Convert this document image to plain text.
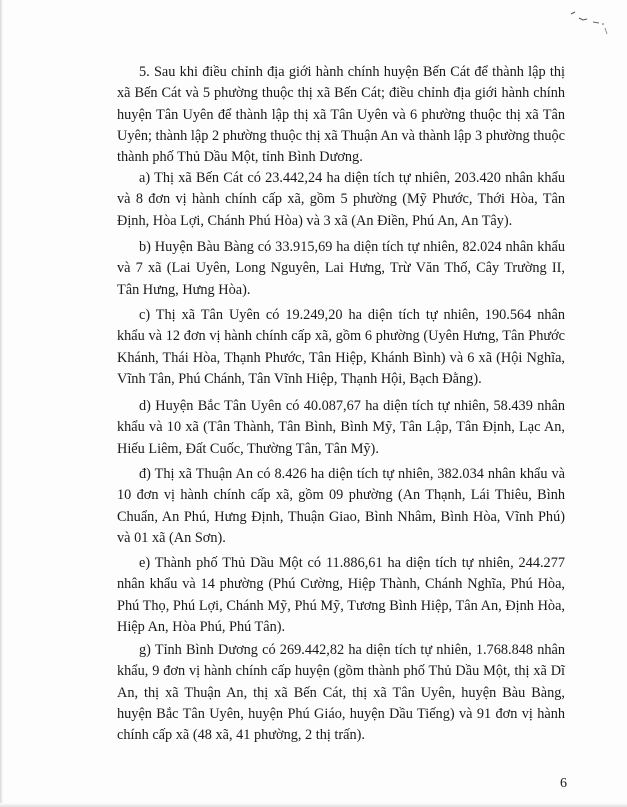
5. Sau khi điều chỉnh địa giới hành chính huyện Bến Cát để thành lập thị xã Bến Cát và 5 phường thuộc thị xã Bến Cát; điều chỉnh địa giới hành chính huyện Tân Uyên để thành lập thị xã Tân Uyên và 6 phường thuộc thị xã Tân Uyên; thành lập 2 phường thuộc thị xã Thuận An và thành lập 3 phường thuộc thành phố Thủ Dầu Một, tỉnh Bình Dương.

a) Thị xã Bến Cát có 23.442,24 ha diện tích tự nhiên, 203.420 nhân khẩu và 8 đơn vị hành chính cấp xã, gồm 5 phường (Mỹ Phước, Thới Hòa, Tân Định, Hòa Lợi, Chánh Phú Hòa) và 3 xã (An Điền, Phú An, An Tây).

b) Huyện Bàu Bàng có 33.915,69 ha diện tích tự nhiên, 82.024 nhân khẩu và 7 xã (Lai Uyên, Long Nguyên, Lai Hưng, Trừ Văn Thố, Cây Trường II, Tân Hưng, Hưng Hòa).

c) Thị xã Tân Uyên có 19.249,20 ha diện tích tự nhiên, 190.564 nhân khẩu và 12 đơn vị hành chính cấp xã, gồm 6 phường (Uyên Hưng, Tân Phước Khánh, Thái Hòa, Thạnh Phước, Tân Hiệp, Khánh Bình) và 6 xã (Hội Nghĩa, Vĩnh Tân, Phú Chánh, Tân Vĩnh Hiệp, Thạnh Hội, Bạch Đằng).

d) Huyện Bắc Tân Uyên có 40.087,67 ha diện tích tự nhiên, 58.439 nhân khẩu và 10 xã (Tân Thành, Tân Bình, Bình Mỹ, Tân Lập, Tân Định, Lạc An, Hiếu Liêm, Đất Cuốc, Thường Tân, Tân Mỹ).

đ) Thị xã Thuận An có 8.426 ha diện tích tự nhiên, 382.034 nhân khẩu và 10 đơn vị hành chính cấp xã, gồm 09 phường (An Thạnh, Lái Thiêu, Bình Chuẩn, An Phú, Hưng Định, Thuận Giao, Bình Nhâm, Bình Hòa, Vĩnh Phú) và 01 xã (An Sơn).

e) Thành phố Thủ Dầu Một có 11.886,61 ha diện tích tự nhiên, 244.277 nhân khẩu và 14 phường (Phú Cường, Hiệp Thành, Chánh Nghĩa, Phú Hòa, Phú Thọ, Phú Lợi, Chánh Mỹ, Phú Mỹ, Tương Bình Hiệp, Tân An, Định Hòa, Hiệp An, Hòa Phú, Phú Tân).

g) Tỉnh Bình Dương có 269.442,82 ha diện tích tự nhiên, 1.768.848 nhân khẩu, 9 đơn vị hành chính cấp huyện (gồm thành phố Thủ Dầu Một, thị xã Dĩ An, thị xã Thuận An, thị xã Bến Cát, thị xã Tân Uyên, huyện Bàu Bàng, huyện Bắc Tân Uyên, huyện Phú Giáo, huyện Dầu Tiếng) và 91 đơn vị hành chính cấp xã (48 xã, 41 phường, 2 thị trấn).

6
